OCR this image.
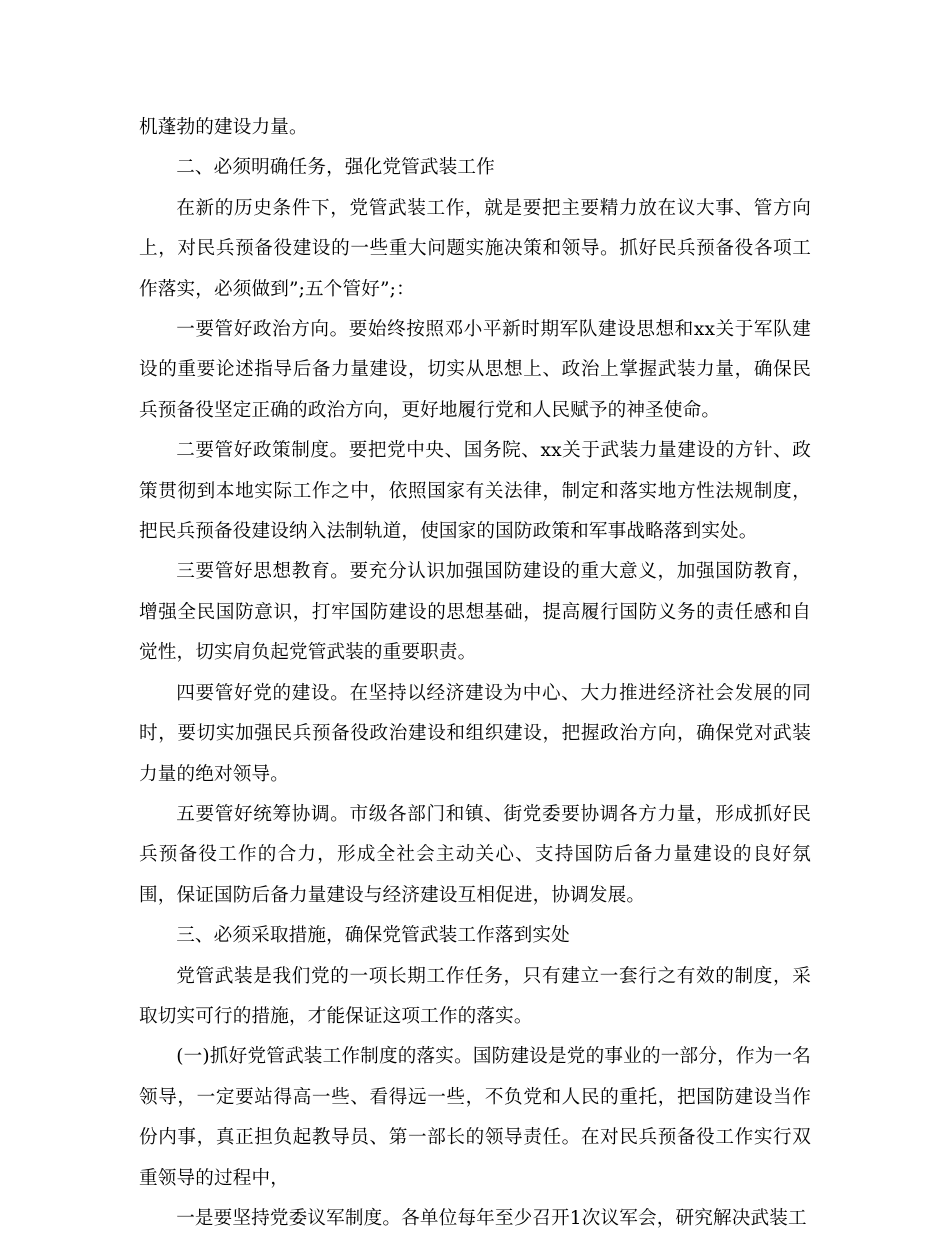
机蓬勃的建设力量。

二、必须明确任务，强化党管武装工作

在新的历史条件下，党管武装工作，就是要把主要精力放在议大事、管方向上，对民兵预备役建设的一些重大问题实施决策和领导。抓好民兵预备役各项工作落实，必须做到”;五个管好”;：

一要管好政治方向。要始终按照邓小平新时期军队建设思想和xx关于军队建设的重要论述指导后备力量建设，切实从思想上、政治上掌握武装力量，确保民兵预备役坚定正确的政治方向，更好地履行党和人民赋予的神圣使命。

二要管好政策制度。要把党中央、国务院、xx关于武装力量建设的方针、政策贯彻到本地实际工作之中，依照国家有关法律，制定和落实地方性法规制度，把民兵预备役建设纳入法制轨道，使国家的国防政策和军事战略落到实处。

三要管好思想教育。要充分认识加强国防建设的重大意义，加强国防教育，增强全民国防意识，打牢国防建设的思想基础，提高履行国防义务的责任感和自觉性，切实肩负起党管武装的重要职责。

四要管好党的建设。在坚持以经济建设为中心、大力推进经济社会发展的同时，要切实加强民兵预备役政治建设和组织建设，把握政治方向，确保党对武装力量的绝对领导。

五要管好统筹协调。市级各部门和镇、街党委要协调各方力量，形成抓好民兵预备役工作的合力，形成全社会主动关心、支持国防后备力量建设的良好氛围，保证国防后备力量建设与经济建设互相促进，协调发展。

三、必须采取措施，确保党管武装工作落到实处

党管武装是我们党的一项长期工作任务，只有建立一套行之有效的制度，采取切实可行的措施，才能保证这项工作的落实。

(一)抓好党管武装工作制度的落实。国防建设是党的事业的一部分，作为一名领导，一定要站得高一些、看得远一些，不负党和人民的重托，把国防建设当作份内事，真正担负起教导员、第一部长的领导责任。在对民兵预备役工作实行双重领导的过程中，

一是要坚持党委议军制度。各单位每年至少召开1次议军会，研究解决武装工
